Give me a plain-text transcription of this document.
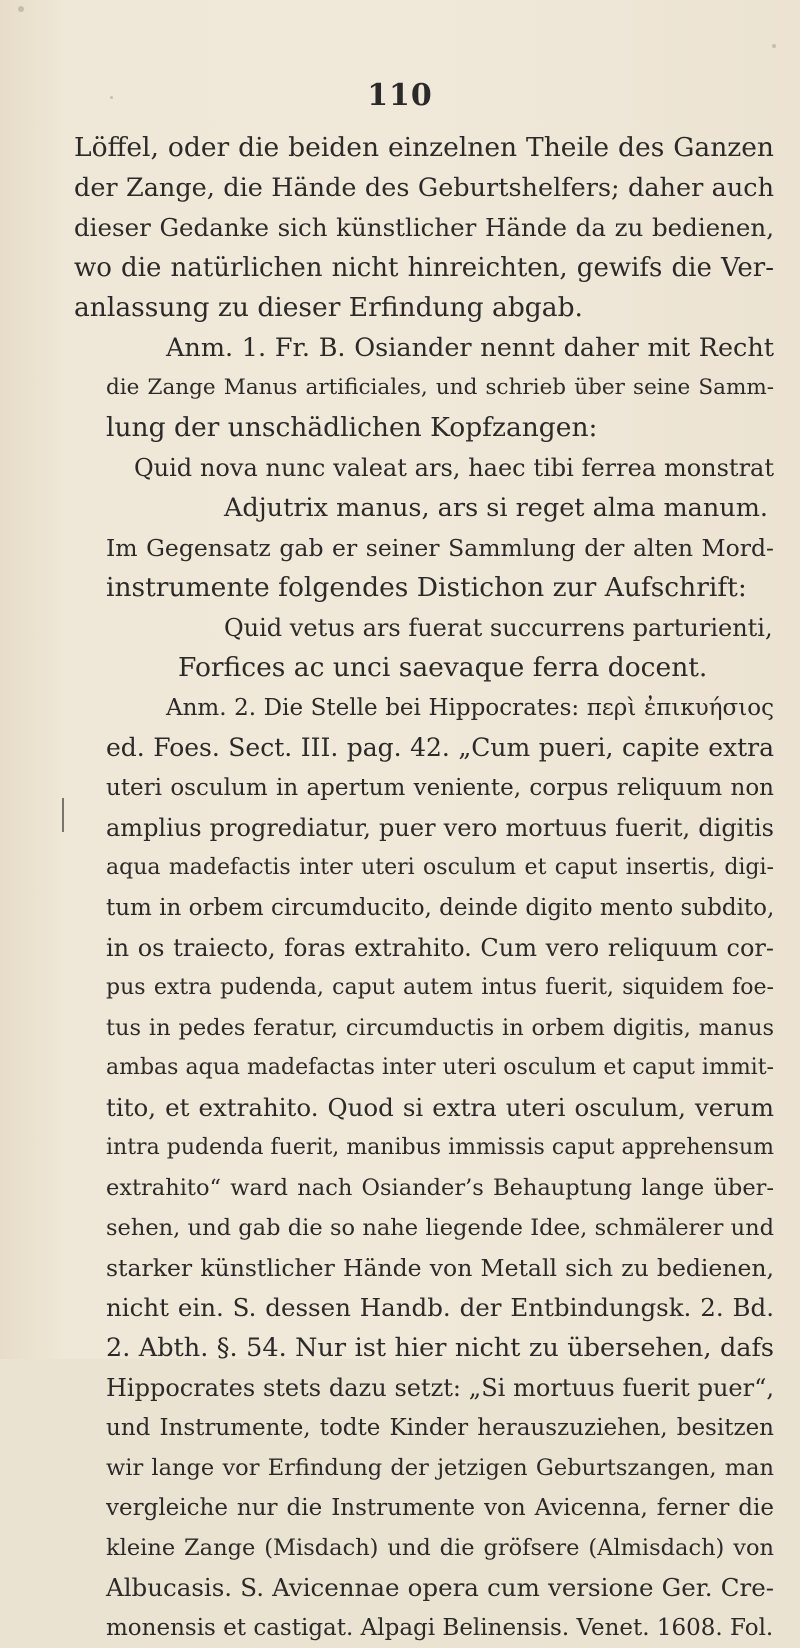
110
Löffel, oder die beiden einzelnen Theile des Ganzen
der Zange, die Hände des Geburtshelfers; daher auch
dieser Gedanke sich künstlicher Hände da zu bedienen,
wo die natürlichen nicht hinreichten, gewifs die Ver-
anlassung zu dieser Erfindung abgab.
Anm. 1. Fr. B. Osiander nennt daher mit Recht
die Zange Manus artificiales, und schrieb über seine Samm-
lung der unschädlichen Kopfzangen:
Quid nova nunc valeat ars, haec tibi ferrea monstrat
Adjutrix manus, ars si reget alma manum.
Im Gegensatz gab er seiner Sammlung der alten Mord-
instrumente folgendes Distichon zur Aufschrift:
Quid vetus ars fuerat succurrens parturienti,
Forfices ac unci saevaque ferra docent.
Anm. 2. Die Stelle bei Hippocrates: περὶ ἐπικυήσιος
ed. Foes. Sect. III. pag. 42. „Cum pueri, capite extra
uteri osculum in apertum veniente, corpus reliquum non
amplius progrediatur, puer vero mortuus fuerit, digitis
aqua madefactis inter uteri osculum et caput insertis, digi-
tum in orbem circumducito, deinde digito mento subdito,
in os traiecto, foras extrahito. Cum vero reliquum cor-
pus extra pudenda, caput autem intus fuerit, siquidem foe-
tus in pedes feratur, circumductis in orbem digitis, manus
ambas aqua madefactas inter uteri osculum et caput immit-
tito, et extrahito. Quod si extra uteri osculum, verum
intra pudenda fuerit, manibus immissis caput apprehensum
extrahito“ ward nach Osiander’s Behauptung lange über-
sehen, und gab die so nahe liegende Idee, schmälerer und
starker künstlicher Hände von Metall sich zu bedienen,
nicht ein. S. dessen Handb. der Entbindungsk. 2. Bd.
2. Abth. §. 54. Nur ist hier nicht zu übersehen, dafs
Hippocrates stets dazu setzt: „Si mortuus fuerit puer“,
und Instrumente, todte Kinder herauszuziehen, besitzen
wir lange vor Erfindung der jetzigen Geburtszangen, man
vergleiche nur die Instrumente von Avicenna, ferner die
kleine Zange (Misdach) und die gröfsere (Almisdach) von
Albucasis. S. Avicennae opera cum versione Ger. Cre-
monensis et castigat. Alpagi Belinensis. Venet. 1608. Fol.
